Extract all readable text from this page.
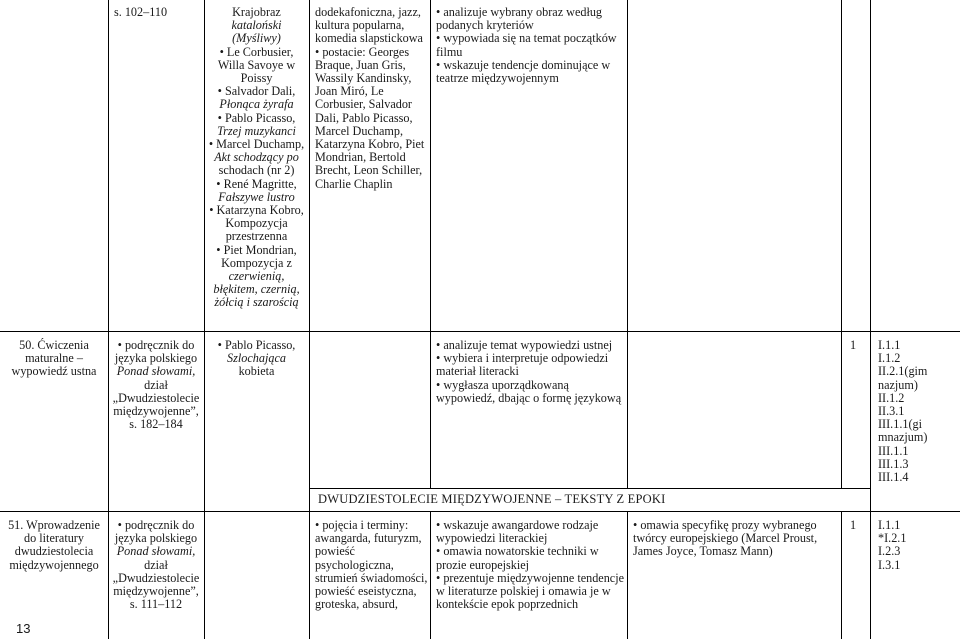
s. 102–110	Krajobraz
kataloński
(Myśliwy)
• Le Corbusier,
Willa Savoye w
Poissy
• Salvador Dali,
Płonąca żyrafa
• Pablo Picasso,
Trzej muzykanci
• Marcel Duchamp,
Akt schodzący po
schodach (nr 2)
• René Magritte,
Fałszywe lustro
• Katarzyna Kobro,
Kompozycja
przestrzenna
• Piet Mondrian,
Kompozycja z
czerwienią,
błękitem, czernią,
żółcią i szarością
dodekafoniczna, jazz,
kultura popularna,
komedia slapstickowa
• postacie: Georges
Braque, Juan Gris,
Wassily Kandinsky,
Joan Miró, Le
Corbusier, Salvador
Dali, Pablo Picasso,
Marcel Duchamp,
Katarzyna Kobro, Piet
Mondrian, Bertold
Brecht, Leon Schiller,
Charlie Chaplin
• analizuje wybrany obraz według
podanych kryteriów
• wypowiada się na temat początków
filmu
• wskazuje tendencje dominujące w
teatrze międzywojennym
50. Ćwiczenia
maturalne –
wypowiedź ustna
• podręcznik do
języka polskiego
Ponad słowami,
dział
„Dwudziestolecie
międzywojenne”,
s. 182–184
• Pablo Picasso,
Szlochająca
kobieta
• analizuje temat wypowiedzi ustnej
• wybiera i interpretuje odpowiedzi
materiał literacki
• wygłasza uporządkowaną
wypowiedź, dbając o formę językową
1 I.1.1
I.1.2
II.2.1(gim
nazjum)
II.1.2
II.3.1
III.1.1(gi
mnazjum)
III.1.1
III.1.3
III.1.4
DWUDZIESTOLECIE MIĘDZYWOJENNE – TEKSTY Z EPOKI
51. Wprowadzenie
do literatury
dwudziestolecia
międzywojennego
• podręcznik do
języka polskiego
Ponad słowami,
dział
„Dwudziestolecie
międzywojenne”,
s. 111–112
• pojęcia i terminy:
awangarda, futuryzm,
powieść
psychologiczna,
strumień świadomości,
powieść eseistyczna,
groteska, absurd,
• wskazuje awangardowe rodzaje
wypowiedzi literackiej
• omawia nowatorskie techniki w
prozie europejskiej
• prezentuje międzywojenne tendencje
w literaturze polskiej i omawia je w
kontekście epok poprzednich
• omawia specyfikę prozy wybranego
twórcy europejskiego (Marcel Proust,
James Joyce, Tomasz Mann)
1 I.1.1
*I.2.1
I.2.3
I.3.1
13
